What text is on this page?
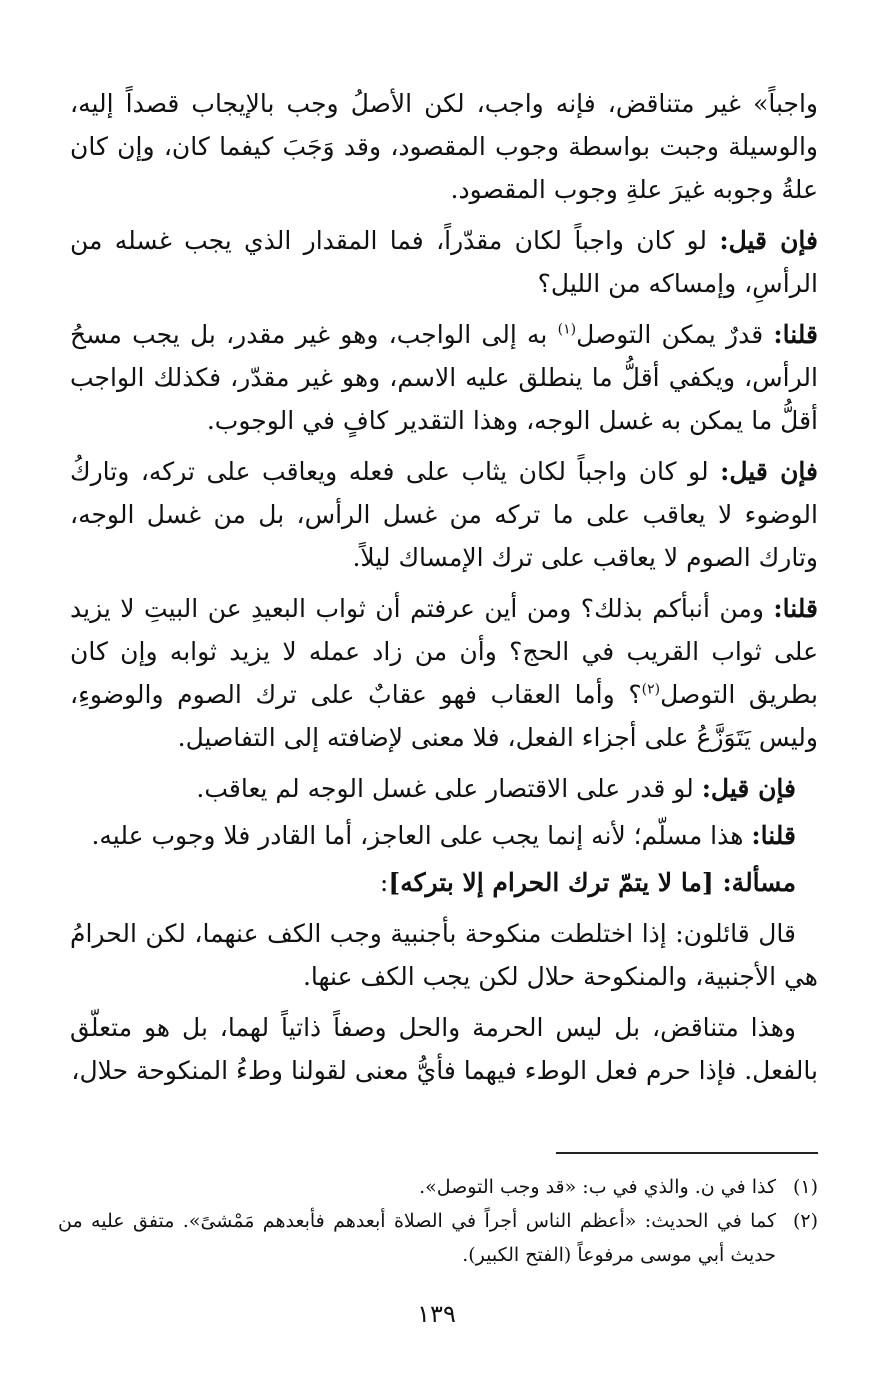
واجباً» غير متناقض، فإنه واجب، لكن الأصلُ وجب بالإيجاب قصداً إليه، والوسيلة وجبت بواسطة وجوب المقصود، وقد وَجَبَ كيفما كان، وإن كان علةُ وجوبه غيرَ علةِ وجوب المقصود.

فإن قيل: لو كان واجباً لكان مقدّراً، فما المقدار الذي يجب غسله من الرأسِ، وإمساكه من الليل؟

قلنا: قدرٌ يمكن التوصل$^{(١)}$ به إلى الواجب، وهو غير مقدر، بل يجب مسحُ الرأس، ويكفي أقلُّ ما ينطلق عليه الاسم، وهو غير مقدّر، فكذلك الواجب أقلُّ ما يمكن به غسل الوجه، وهذا التقدير كافٍ في الوجوب.

فإن قيل: لو كان واجباً لكان يثاب على فعله ويعاقب على تركه، وتاركُ الوضوء لا يعاقب على ما تركه من غسل الرأس، بل من غسل الوجه، وتارك الصوم لا يعاقب على ترك الإمساك ليلاً.

قلنا: ومن أنبأكم بذلك؟ ومن أين عرفتم أن ثواب البعيدِ عن البيتِ لا يزيد على ثواب القريب في الحج؟ وأن من زاد عمله لا يزيد ثوابه وإن كان بطريق التوصل$^{(٢)}$؟ وأما العقاب فهو عقابٌ على ترك الصوم والوضوءِ، وليس يَتَوَزَّعُ على أجزاء الفعل، فلا معنى لإضافته إلى التفاصيل.

فإن قيل: لو قدر على الاقتصار على غسل الوجه لم يعاقب.

قلنا: هذا مسلّم؛ لأنه إنما يجب على العاجز، أما القادر فلا وجوب عليه.

مسألة: [ما لا يتمّ ترك الحرام إلا بتركه]:

قال قائلون: إذا اختلطت منكوحة بأجنبية وجب الكف عنهما، لكن الحرامُ هي الأجنبية، والمنكوحة حلال لكن يجب الكف عنها.

وهذا متناقض، بل ليس الحرمة والحل وصفاً ذاتياً لهما، بل هو متعلّق بالفعل. فإذا حرم فعل الوطء فيهما فأيُّ معنى لقولنا وطءُ المنكوحة حلال،

(١)
كذا في ن. والذي في ب: «قد وجب التوصل».

(٢)
كما في الحديث: «أعظم الناس أجراً في الصلاة أبعدهم فأبعدهم مَمْشىً». متفق عليه من حديث أبي موسى مرفوعاً (الفتح الكبير).

١٣٩
